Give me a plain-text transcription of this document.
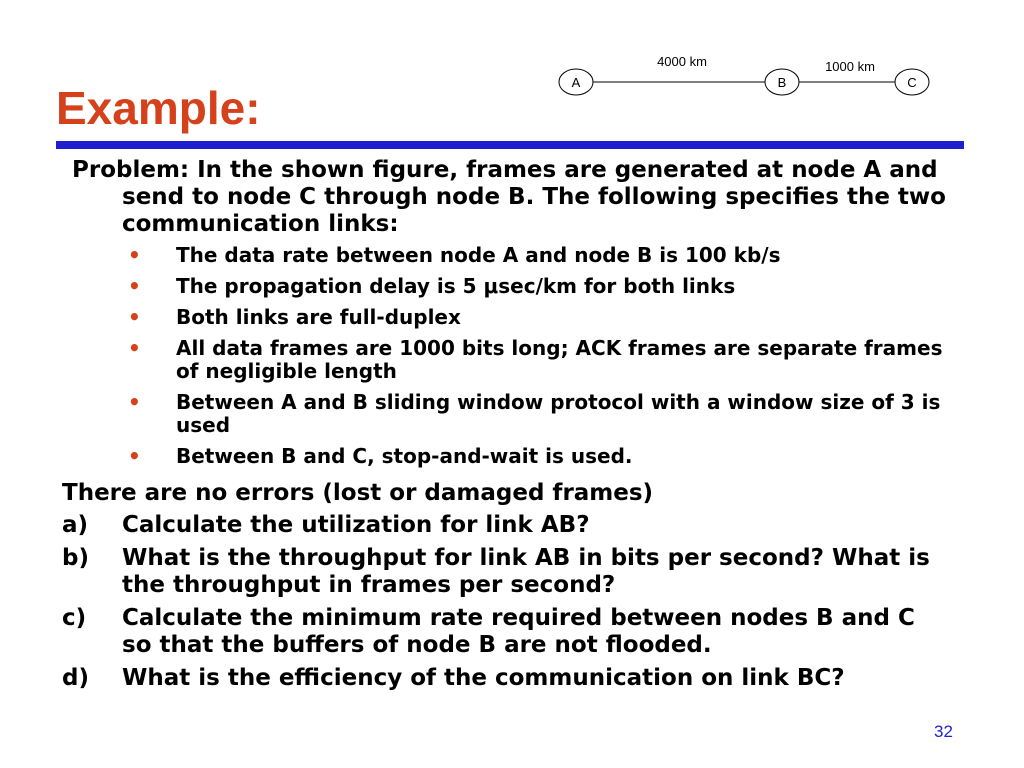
Example:
4000 km	1000 km
A	B	C
Problem: In the shown figure, frames are generated at node A and send to node C through node B. The following specifies the two communication links:
• The data rate between node A and node B is 100 kb/s
• The propagation delay is 5 μsec/km for both links
• Both links are full-duplex
• All data frames are 1000 bits long; ACK frames are separate frames of negligible length
• Between A and B sliding window protocol with a window size of 3 is used
• Between B and C, stop-and-wait is used.
There are no errors (lost or damaged frames)
a) Calculate the utilization for link AB?
b) What is the throughput for link AB in bits per second? What is the throughput in frames per second?
c) Calculate the minimum rate required between nodes B and C so that the buffers of node B are not flooded.
d) What is the efficiency of the communication on link BC?
32
